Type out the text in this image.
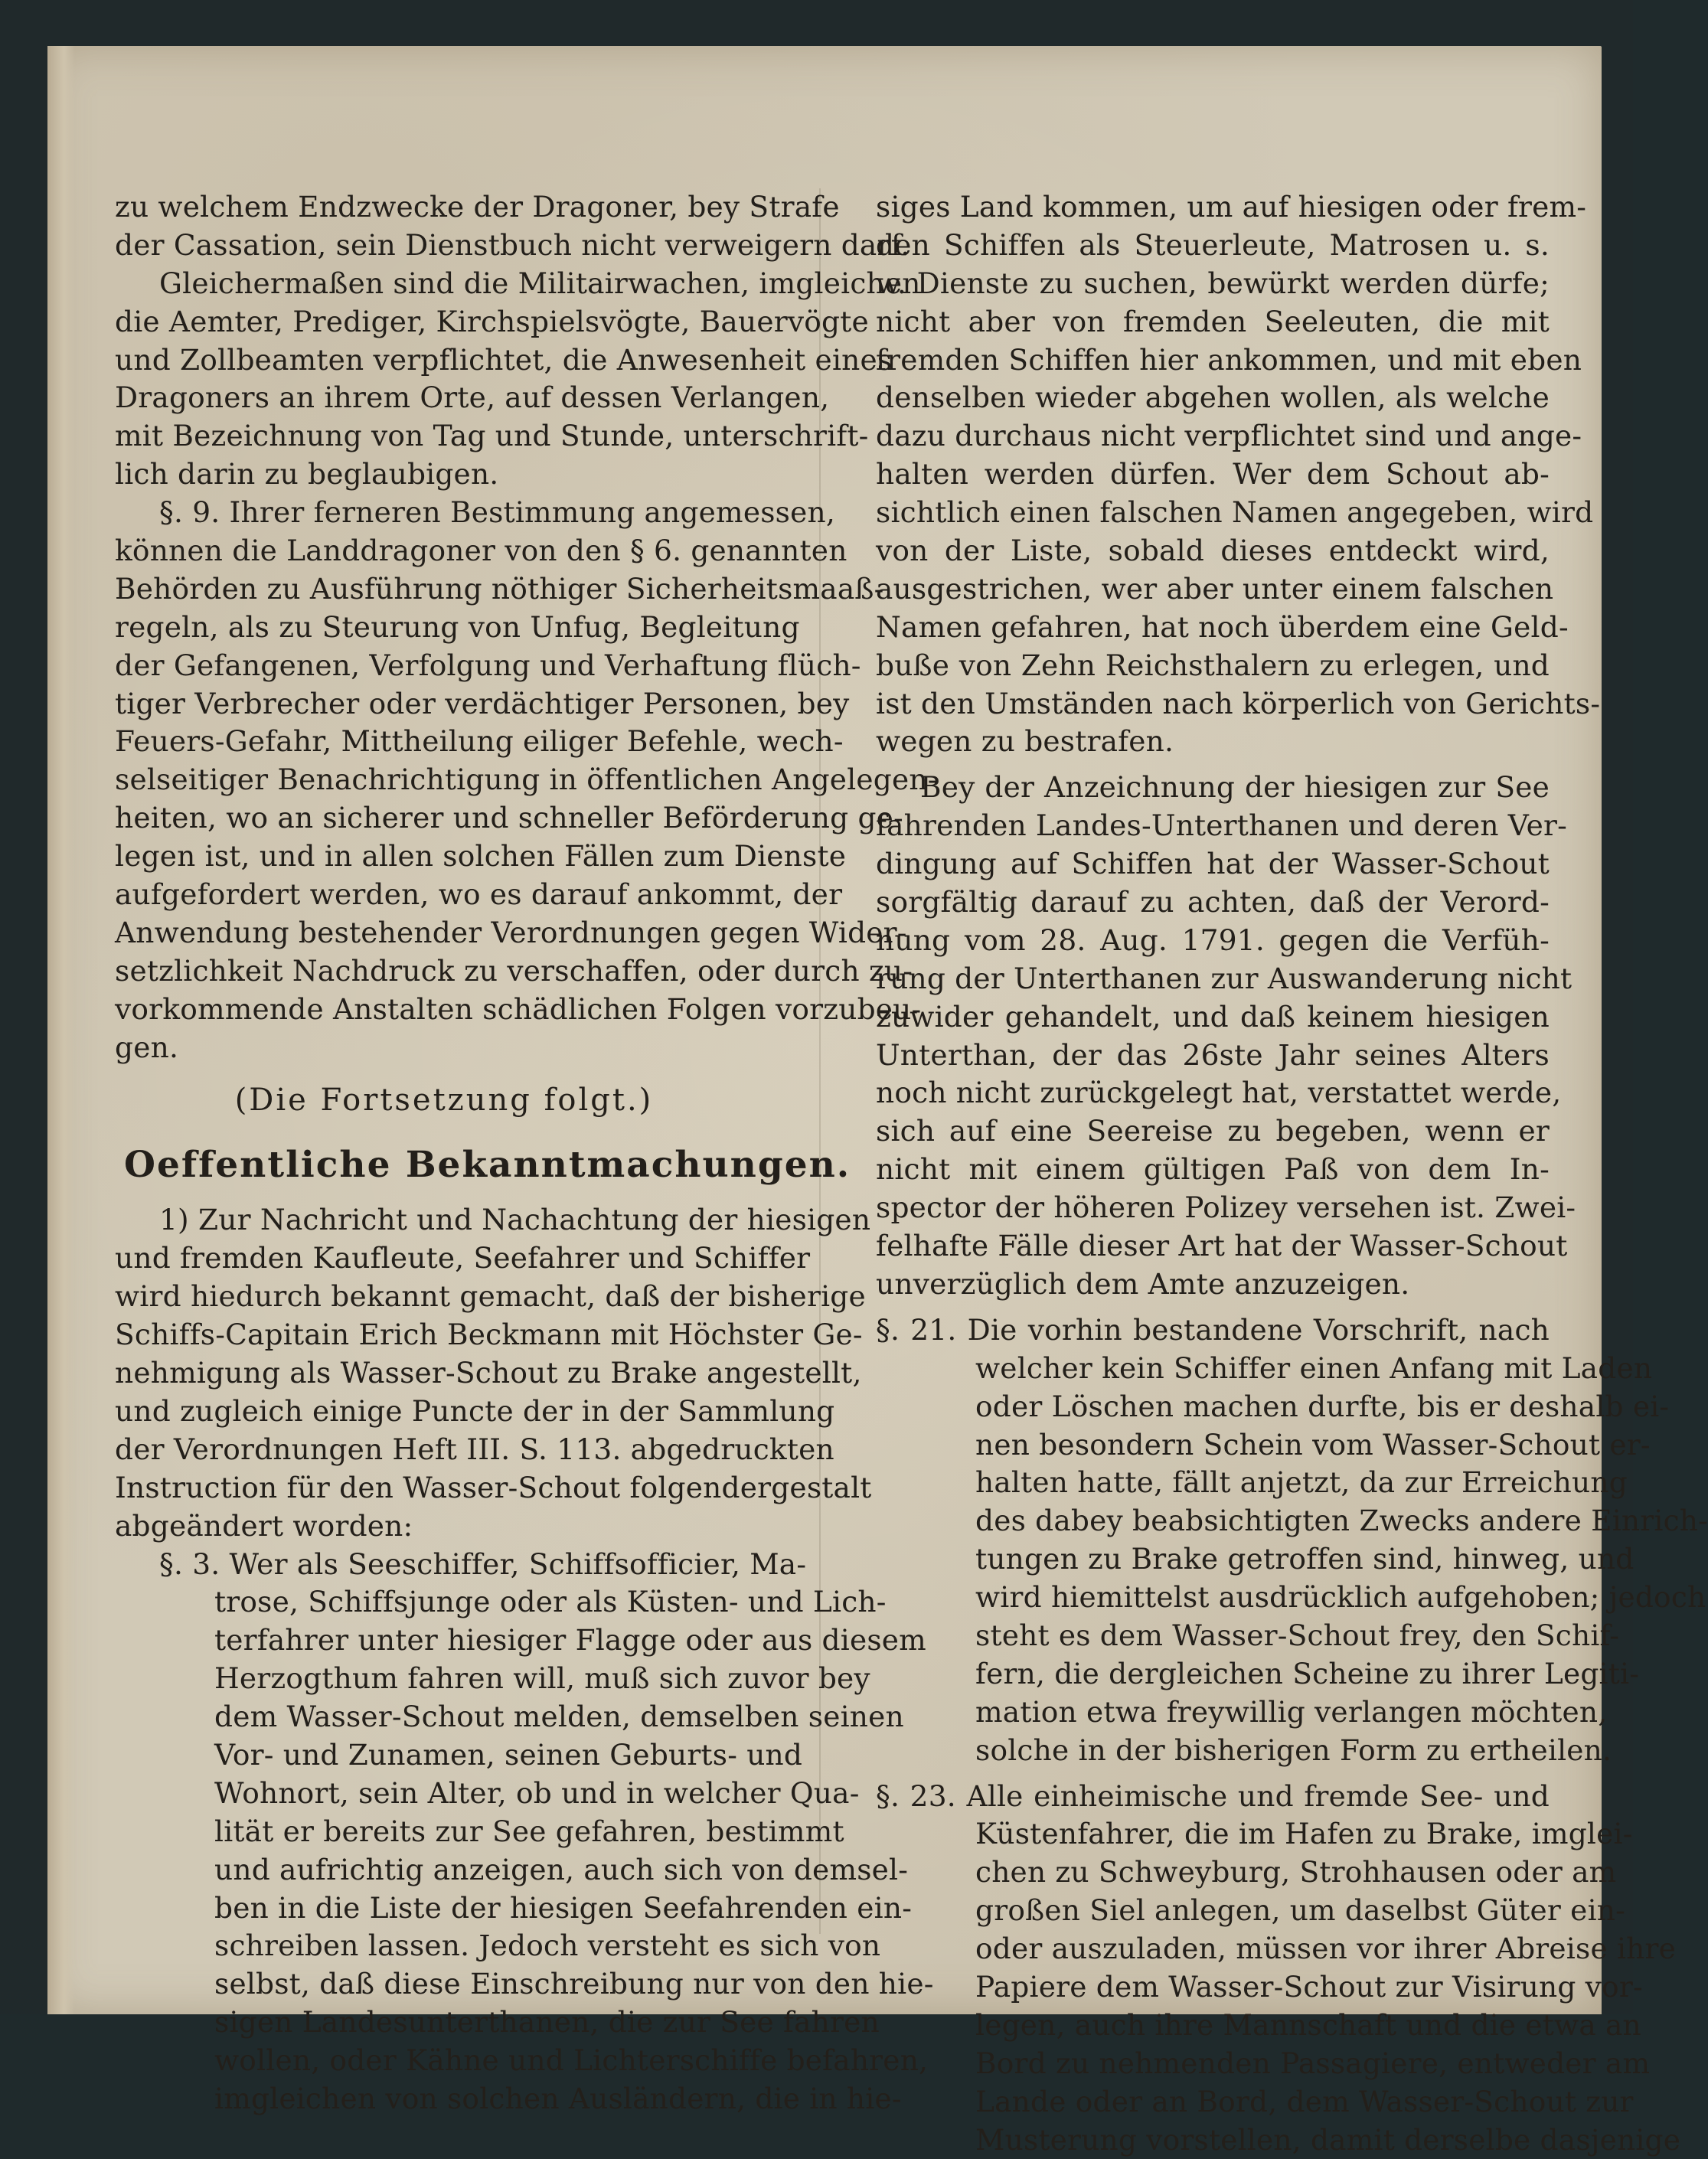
zu welchem Endzwecke der Dragoner, bey Strafe
der Cassation, sein Dienstbuch nicht verweigern darf.
Gleichermaßen sind die Militairwachen, imgleichen
die Aemter, Prediger, Kirchspielsvögte, Bauervögte
und Zollbeamten verpflichtet, die Anwesenheit eines
Dragoners an ihrem Orte, auf dessen Verlangen,
mit Bezeichnung von Tag und Stunde, unterschrift-
lich darin zu beglaubigen.
§. 9. Ihrer ferneren Bestimmung angemessen,
können die Landdragoner von den § 6. genannten
Behörden zu Ausführung nöthiger Sicherheitsmaaß-
regeln, als zu Steurung von Unfug, Begleitung
der Gefangenen, Verfolgung und Verhaftung flüch-
tiger Verbrecher oder verdächtiger Personen, bey
Feuers-Gefahr, Mittheilung eiliger Befehle, wech-
selseitiger Benachrichtigung in öffentlichen Angelegen-
heiten, wo an sicherer und schneller Beförderung ge-
legen ist, und in allen solchen Fällen zum Dienste
aufgefordert werden, wo es darauf ankommt, der
Anwendung bestehender Verordnungen gegen Wider-
setzlichkeit Nachdruck zu verschaffen, oder durch zu-
vorkommende Anstalten schädlichen Folgen vorzubeu-
gen.
(Die Fortsetzung folgt.)
Oeffentliche Bekanntmachungen.
1) Zur Nachricht und Nachachtung der hiesigen
und fremden Kaufleute, Seefahrer und Schiffer
wird hiedurch bekannt gemacht, daß der bisherige
Schiffs-Capitain Erich Beckmann mit Höchster Ge-
nehmigung als Wasser-Schout zu Brake angestellt,
und zugleich einige Puncte der in der Sammlung
der Verordnungen Heft III. S. 113. abgedruckten
Instruction für den Wasser-Schout folgendergestalt
abgeändert worden:
§. 3. Wer als Seeschiffer, Schiffsofficier, Ma-
trose, Schiffsjunge oder als Küsten- und Lich-
terfahrer unter hiesiger Flagge oder aus diesem
Herzogthum fahren will, muß sich zuvor bey
dem Wasser-Schout melden, demselben seinen
Vor- und Zunamen, seinen Geburts- und
Wohnort, sein Alter, ob und in welcher Qua-
lität er bereits zur See gefahren, bestimmt
und aufrichtig anzeigen, auch sich von demsel-
ben in die Liste der hiesigen Seefahrenden ein-
schreiben lassen. Jedoch versteht es sich von
selbst, daß diese Einschreibung nur von den hie-
sigen Landesunterthanen, die zur See fahren
wollen, oder Kähne und Lichterschiffe befahren,
imgleichen von solchen Ausländern, die in hie-
siges Land kommen, um auf hiesigen oder frem-
den Schiffen als Steuerleute, Matrosen u. s.
w. Dienste zu suchen, bewürkt werden dürfe;
nicht aber von fremden Seeleuten, die mit
fremden Schiffen hier ankommen, und mit eben
denselben wieder abgehen wollen, als welche
dazu durchaus nicht verpflichtet sind und ange-
halten werden dürfen. Wer dem Schout ab-
sichtlich einen falschen Namen angegeben, wird
von der Liste, sobald dieses entdeckt wird,
ausgestrichen, wer aber unter einem falschen
Namen gefahren, hat noch überdem eine Geld-
buße von Zehn Reichsthalern zu erlegen, und
ist den Umständen nach körperlich von Gerichts-
wegen zu bestrafen.
Bey der Anzeichnung der hiesigen zur See
fahrenden Landes-Unterthanen und deren Ver-
dingung auf Schiffen hat der Wasser-Schout
sorgfältig darauf zu achten, daß der Verord-
nung vom 28. Aug. 1791. gegen die Verfüh-
rung der Unterthanen zur Auswanderung nicht
zuwider gehandelt, und daß keinem hiesigen
Unterthan, der das 26ste Jahr seines Alters
noch nicht zurückgelegt hat, verstattet werde,
sich auf eine Seereise zu begeben, wenn er
nicht mit einem gültigen Paß von dem In-
spector der höheren Polizey versehen ist. Zwei-
felhafte Fälle dieser Art hat der Wasser-Schout
unverzüglich dem Amte anzuzeigen.
§. 21. Die vorhin bestandene Vorschrift, nach
welcher kein Schiffer einen Anfang mit Laden
oder Löschen machen durfte, bis er deshalb ei-
nen besondern Schein vom Wasser-Schout er-
halten hatte, fällt anjetzt, da zur Erreichung
des dabey beabsichtigten Zwecks andere Einrich-
tungen zu Brake getroffen sind, hinweg, und
wird hiemittelst ausdrücklich aufgehoben; jedoch
steht es dem Wasser-Schout frey, den Schif-
fern, die dergleichen Scheine zu ihrer Legiti-
mation etwa freywillig verlangen möchten,
solche in der bisherigen Form zu ertheilen.
§. 23. Alle einheimische und fremde See- und
Küstenfahrer, die im Hafen zu Brake, imglei-
chen zu Schweyburg, Strohhausen oder am
großen Siel anlegen, um daselbst Güter ein-
oder auszuladen, müssen vor ihrer Abreise ihre
Papiere dem Wasser-Schout zur Visirung vor-
legen, auch ihre Mannschaft und die etwa an
Bord zu nehmenden Passagiere, entweder am
Lande oder an Bord, dem Wasser-Schout zur
Musterung vorstellen, damit derselbe dasjenige
